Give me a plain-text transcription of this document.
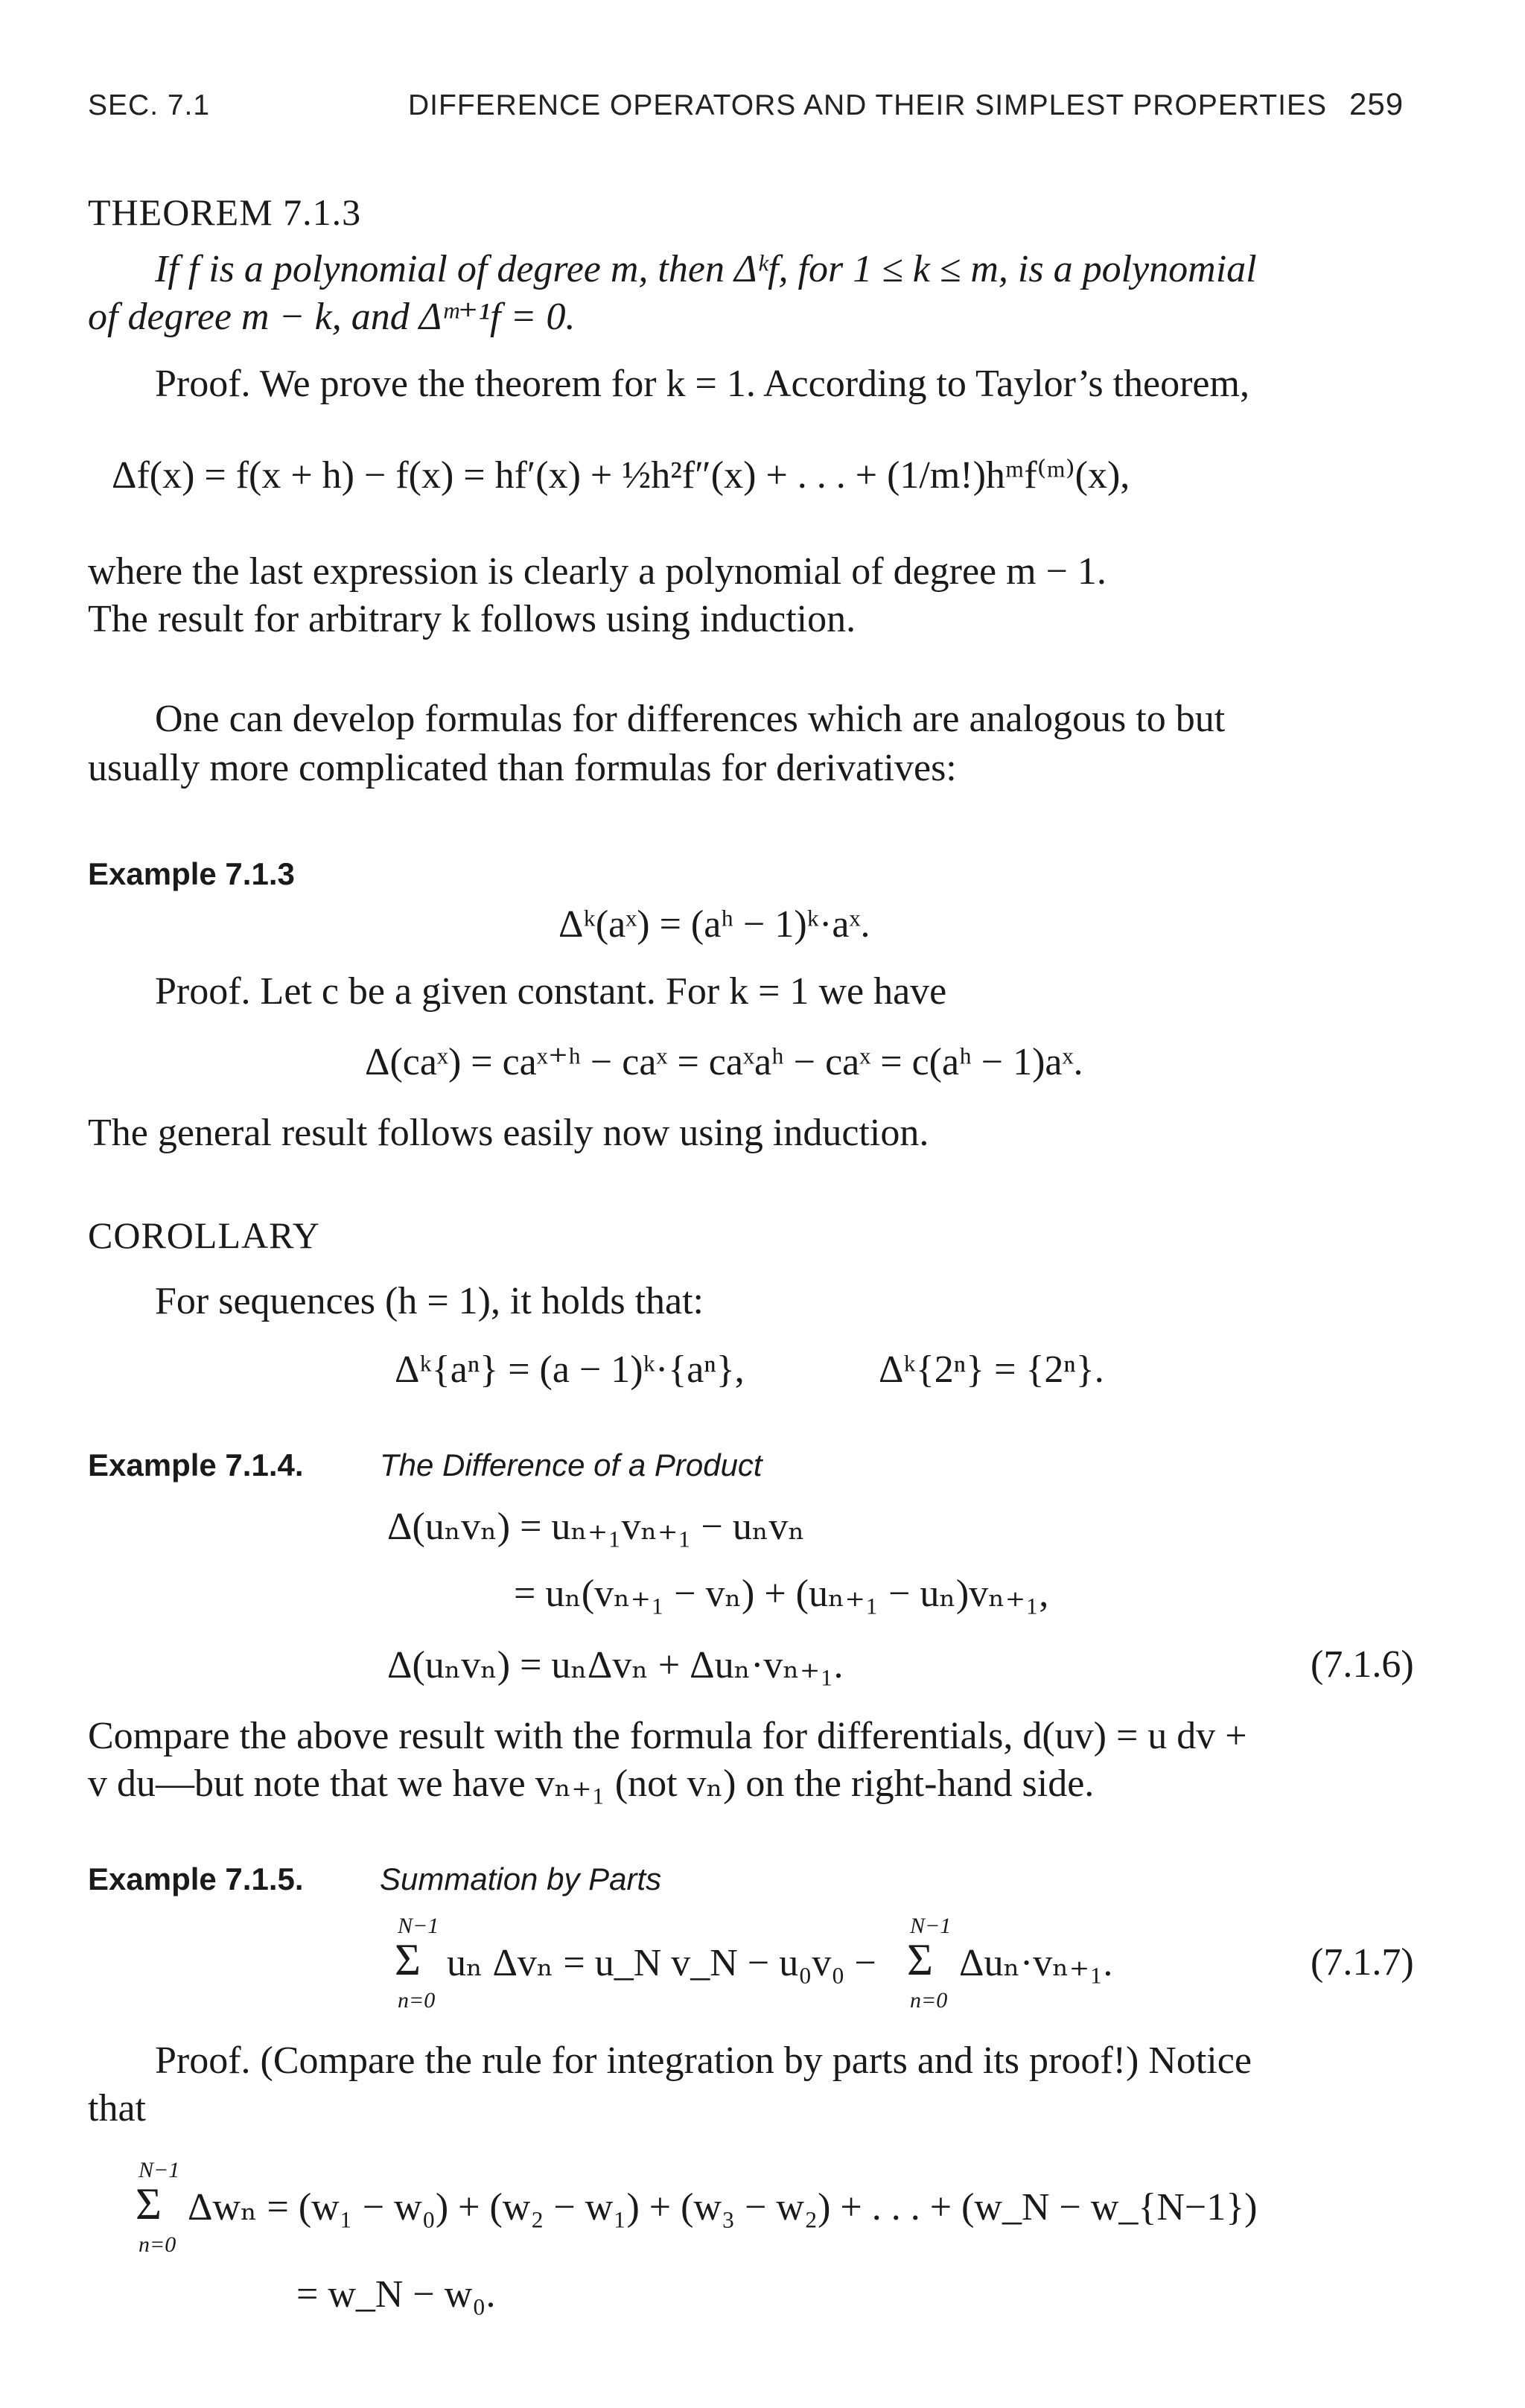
SEC. 7.1	DIFFERENCE OPERATORS AND THEIR SIMPLEST PROPERTIES 259
THEOREM 7.1.3
If f is a polynomial of degree m, then Δᵏf, for 1 ≤ k ≤ m, is a polynomial
of degree m − k, and Δᵐ⁺¹f = 0.
Proof. We prove the theorem for k = 1. According to Taylor’s theorem,
Δf(x) = f(x + h) − f(x) = hf′(x) + ½h²f″(x) + . . . + (1/m!)hᵐf⁽ᵐ⁾(x),
where the last expression is clearly a polynomial of degree m − 1.
The result for arbitrary k follows using induction.
One can develop formulas for differences which are analogous to but
usually more complicated than formulas for derivatives:
Example 7.1.3
Δᵏ(aˣ) = (aʰ − 1)ᵏ·aˣ.
Proof. Let c be a given constant. For k = 1 we have
Δ(caˣ) = caˣ⁺ʰ − caˣ = caˣaʰ − caˣ = c(aʰ − 1)aˣ.
The general result follows easily now using induction.
COROLLARY
For sequences (h = 1), it holds that:
Δᵏ{aⁿ} = (a − 1)ᵏ·{aⁿ},	Δᵏ{2ⁿ} = {2ⁿ}.
Example 7.1.4. The Difference of a Product
Δ(uₙvₙ) = uₙ₊₁vₙ₊₁ − uₙvₙ
= uₙ(vₙ₊₁ − vₙ) + (uₙ₊₁ − uₙ)vₙ₊₁,
Δ(uₙvₙ) = uₙΔvₙ + Δuₙ·vₙ₊₁.	(7.1.6)
Compare the above result with the formula for differentials, d(uv) = u dv +
v du—but note that we have vₙ₊₁ (not vₙ) on the right-hand side.
Example 7.1.5. Summation by Parts
N−1
Σ
n=0
uₙ Δvₙ = u_N v_N − u₀v₀ −
N−1
Σ
n=0
Δuₙ·vₙ₊₁.	(7.1.7)
Proof. (Compare the rule for integration by parts and its proof!) Notice
that
N−1
Σ
n=0
Δwₙ = (w₁ − w₀) + (w₂ − w₁) + (w₃ − w₂) + . . . + (w_N − w_{N−1})
= w_N − w₀.
